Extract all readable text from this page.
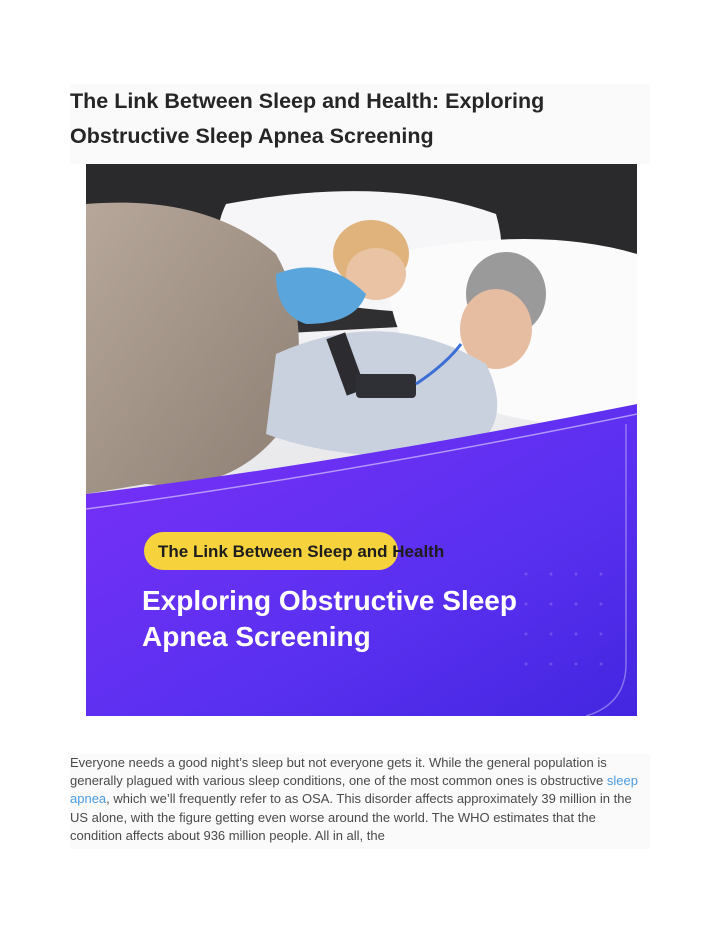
The Link Between Sleep and Health: Exploring Obstructive Sleep Apnea Screening
The Link Between Sleep and Health
Exploring Obstructive Sleep
Apnea Screening

Everyone needs a good night’s sleep but not everyone gets it. While the general population is generally plagued with various sleep conditions, one of the most common ones is obstructive sleep apnea, which we’ll frequently refer to as OSA. This disorder affects approximately 39 million in the US alone, with the figure getting even worse around the world. The WHO estimates that the condition affects about 936 million people. All in all, the
